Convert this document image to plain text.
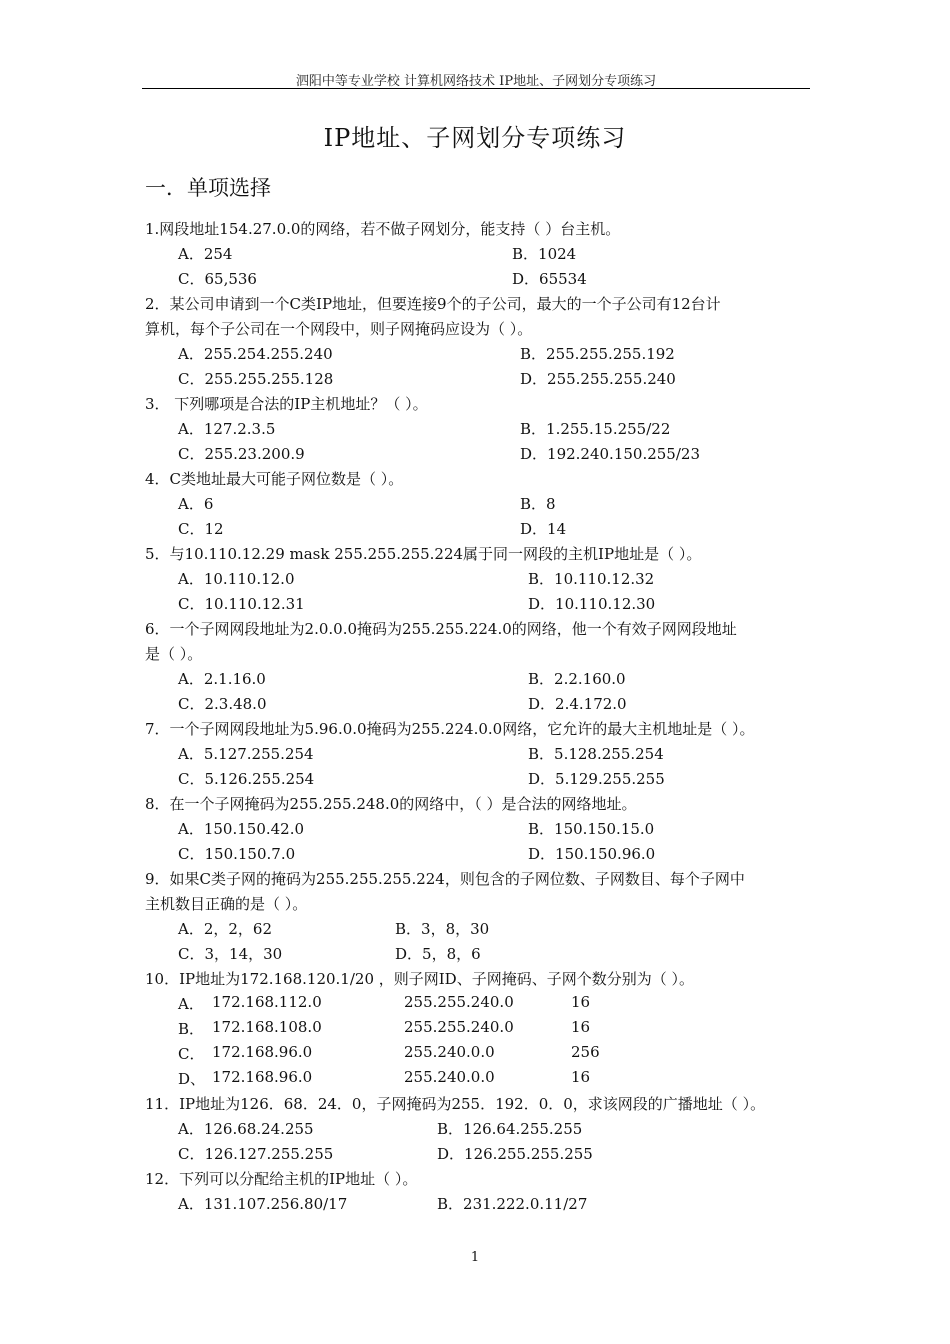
泗阳中等专业学校 计算机网络技术 IP地址、子网划分专项练习
IP地址、子网划分专项练习
一．单项选择
1.网段地址154.27.0.0的网络，若不做子网划分，能支持（ ）台主机。
A．254	B．1024
C．65,536	D．65534
2．某公司申请到一个C类IP地址，但要连接9个的子公司，最大的一个子公司有12台计
算机，每个子公司在一个网段中，则子网掩码应设为（ ）。
A．255.254.255.240	B．255.255.255.192
C．255.255.255.128	D．255.255.255.240
3． 下列哪项是合法的IP主机地址？（ ）。
A．127.2.3.5	B．1.255.15.255/22
C．255.23.200.9	D．192.240.150.255/23
4．C类地址最大可能子网位数是（ ）。
A．6	B．8
C．12	D．14
5．与10.110.12.29 mask 255.255.255.224属于同一网段的主机IP地址是（ ）。
A．10.110.12.0	B．10.110.12.32
C．10.110.12.31	D．10.110.12.30
6．一个子网网段地址为2.0.0.0掩码为255.255.224.0的网络，他一个有效子网网段地址
是（ ）。
A．2.1.16.0	B．2.2.160.0
C．2.3.48.0	D．2.4.172.0
7．一个子网网段地址为5.96.0.0掩码为255.224.0.0网络，它允许的最大主机地址是（ ）。
A．5.127.255.254	B．5.128.255.254
C．5.126.255.254	D．5.129.255.255
8．在一个子网掩码为255.255.248.0的网络中，（ ）是合法的网络地址。
A．150.150.42.0	B．150.150.15.0
C．150.150.7.0	D．150.150.96.0
9．如果C类子网的掩码为255.255.255.224，则包含的子网位数、子网数目、每个子网中
主机数目正确的是（ ）。
A．2，2，62	B．3，8，30
C．3，14，30	D．5，8，6
10．IP地址为172.168.120.1/20 ，则子网ID、子网掩码、子网个数分别为（ ）。
A． 172.168.112.0	255.255.240.0	16
B． 172.168.108.0	255.255.240.0	16
C． 172.168.96.0	255.240.0.0	256
D、 172.168.96.0	255.240.0.0	16
11．IP地址为126．68．24．0，子网掩码为255．192．0．0，求该网段的广播地址（ ）。
A．126.68.24.255	B．126.64.255.255
C．126.127.255.255	D．126.255.255.255
12．下列可以分配给主机的IP地址（ ）。
A．131.107.256.80/17	B．231.222.0.11/27
1
